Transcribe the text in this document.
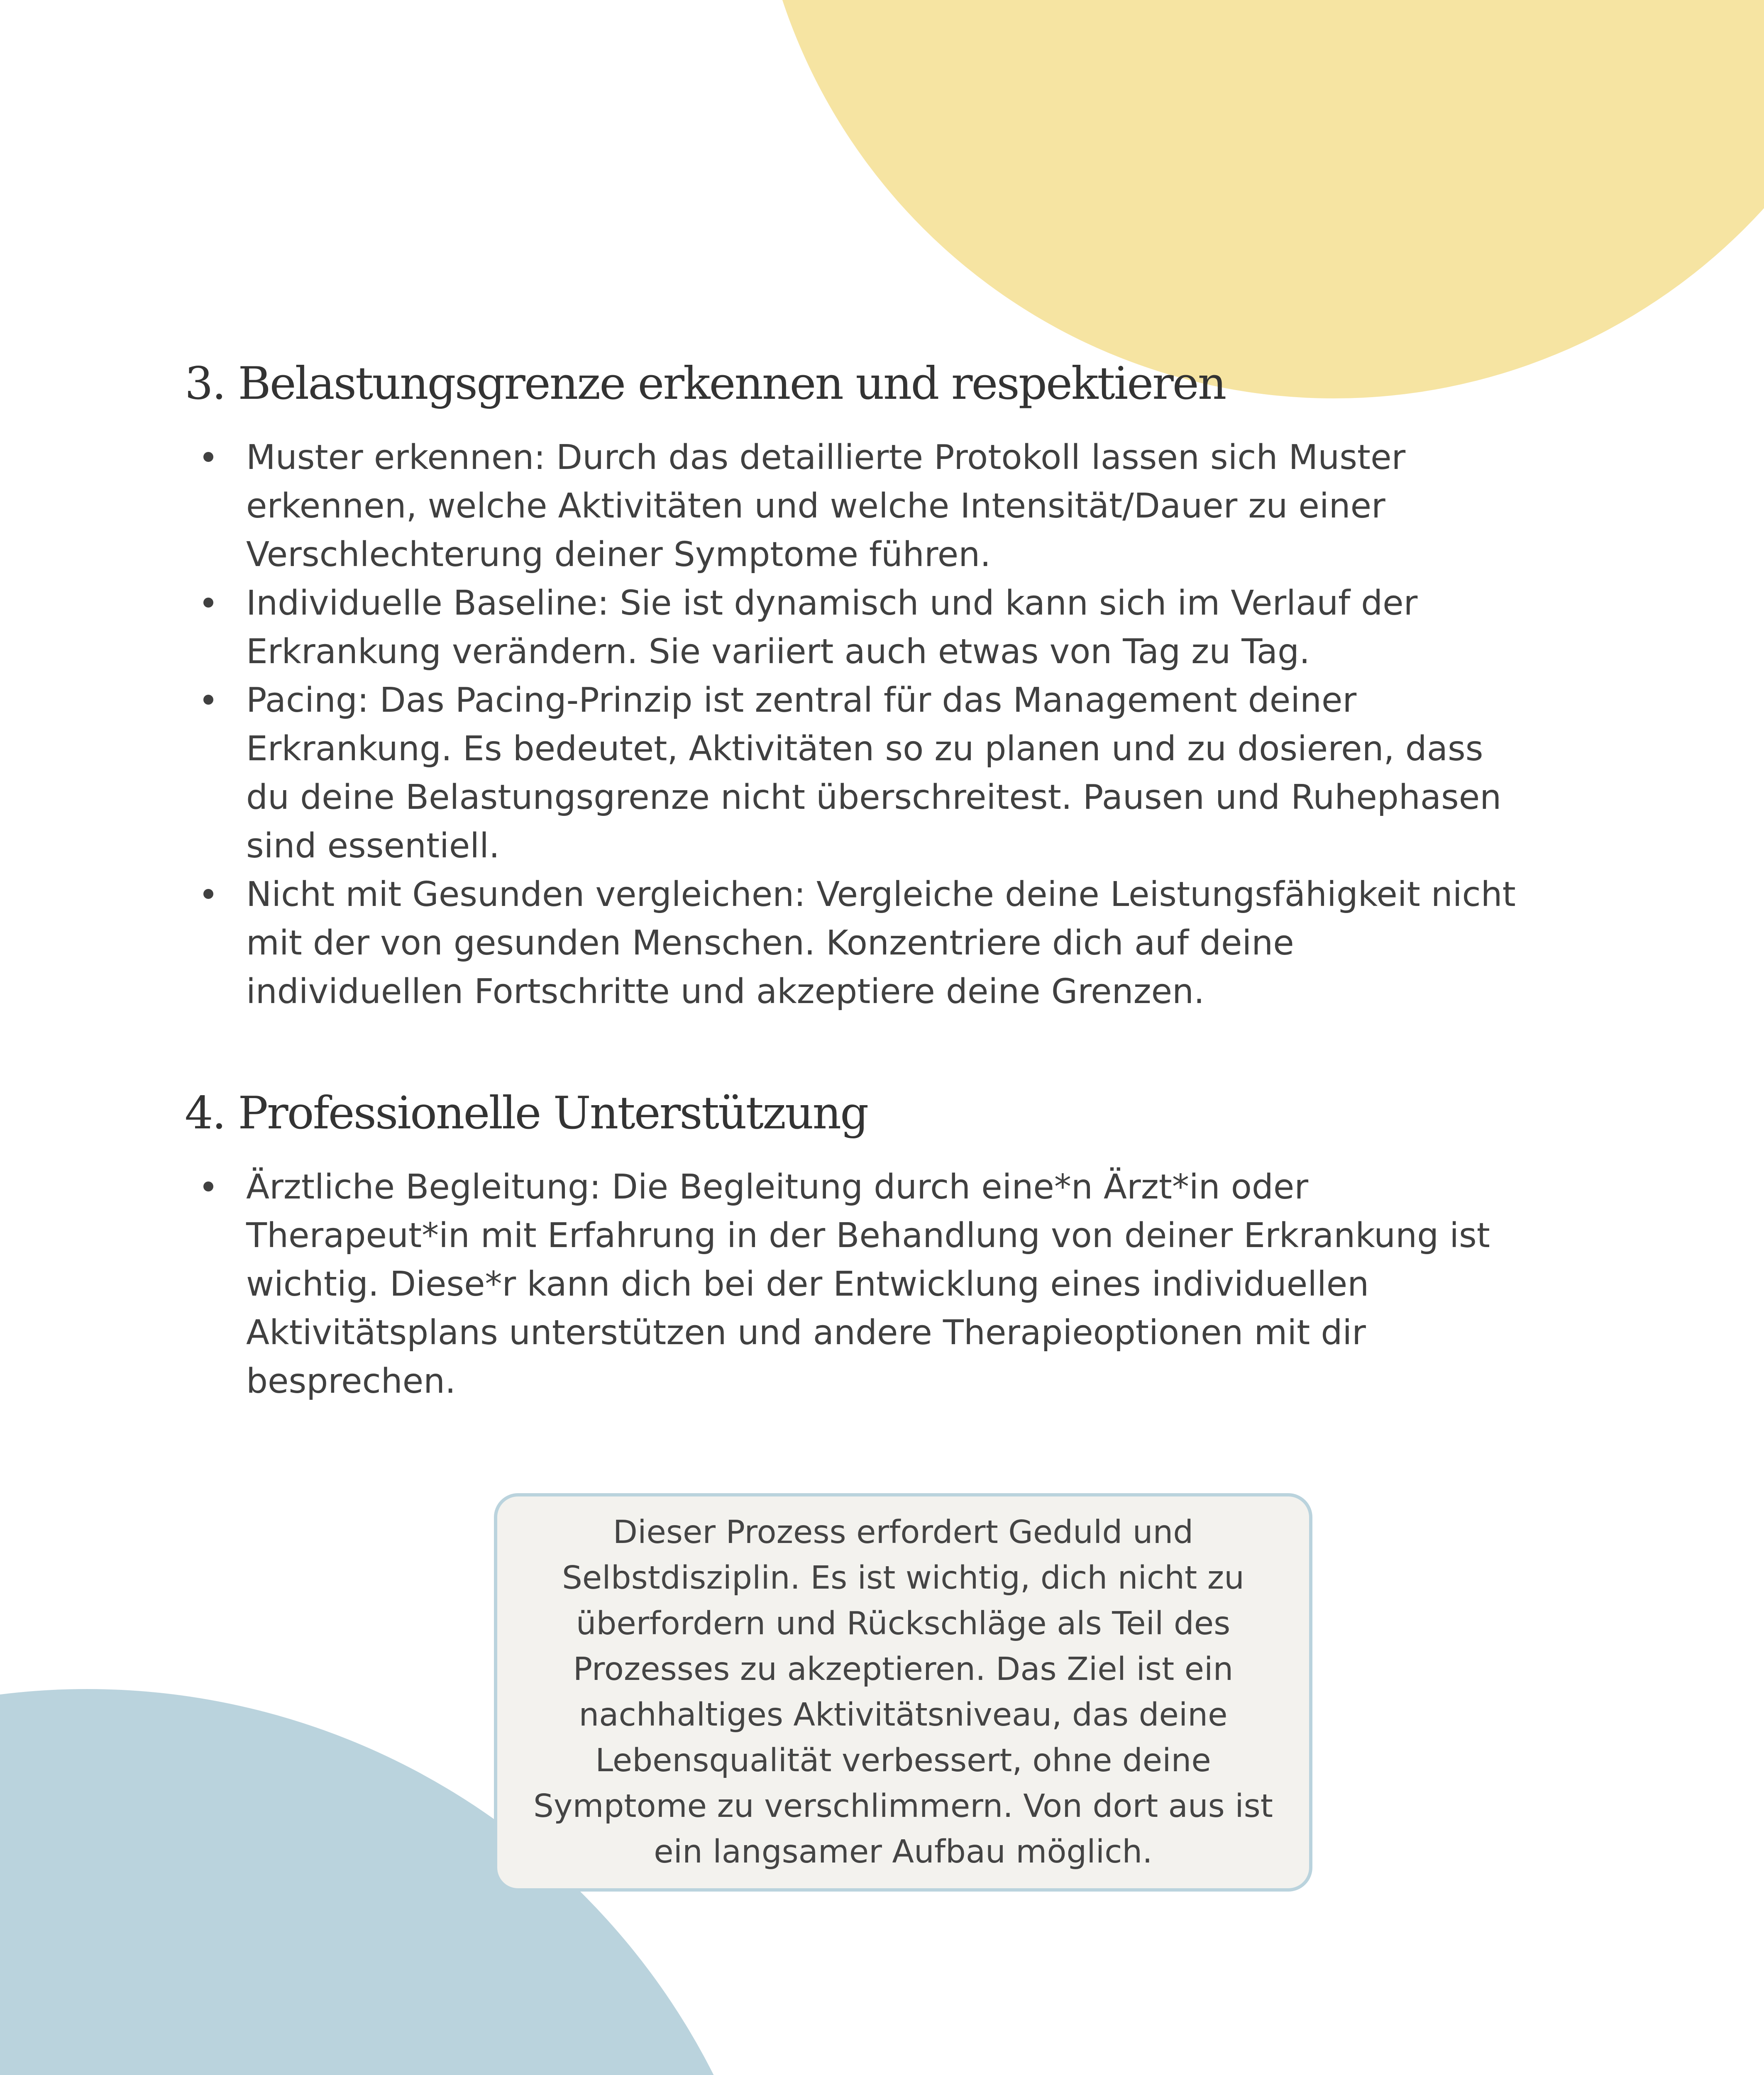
3. Belastungsgrenze erkennen und respektieren
Muster erkennen: Durch das detaillierte Protokoll lassen sich Muster
erkennen, welche Aktivitäten und welche Intensität/Dauer zu einer
Verschlechterung deiner Symptome führen.
Individuelle Baseline: Sie ist dynamisch und kann sich im Verlauf der
Erkrankung verändern. Sie variiert auch etwas von Tag zu Tag.
Pacing: Das Pacing-Prinzip ist zentral für das Management deiner
Erkrankung. Es bedeutet, Aktivitäten so zu planen und zu dosieren, dass
du deine Belastungsgrenze nicht überschreitest. Pausen und Ruhephasen
sind essentiell.
Nicht mit Gesunden vergleichen: Vergleiche deine Leistungsfähigkeit nicht
mit der von gesunden Menschen. Konzentriere dich auf deine
individuellen Fortschritte und akzeptiere deine Grenzen.
4. Professionelle Unterstützung
Ärztliche Begleitung: Die Begleitung durch eine*n Ärzt*in oder
Therapeut*in mit Erfahrung in der Behandlung von deiner Erkrankung ist
wichtig. Diese*r kann dich bei der Entwicklung eines individuellen
Aktivitätsplans unterstützen und andere Therapieoptionen mit dir
besprechen.

Dieser Prozess erfordert Geduld und
Selbstdisziplin. Es ist wichtig, dich nicht zu
überfordern und Rückschläge als Teil des
Prozesses zu akzeptieren. Das Ziel ist ein
nachhaltiges Aktivitätsniveau, das deine
Lebensqualität verbessert, ohne deine
Symptome zu verschlimmern. Von dort aus ist
ein langsamer Aufbau möglich.
